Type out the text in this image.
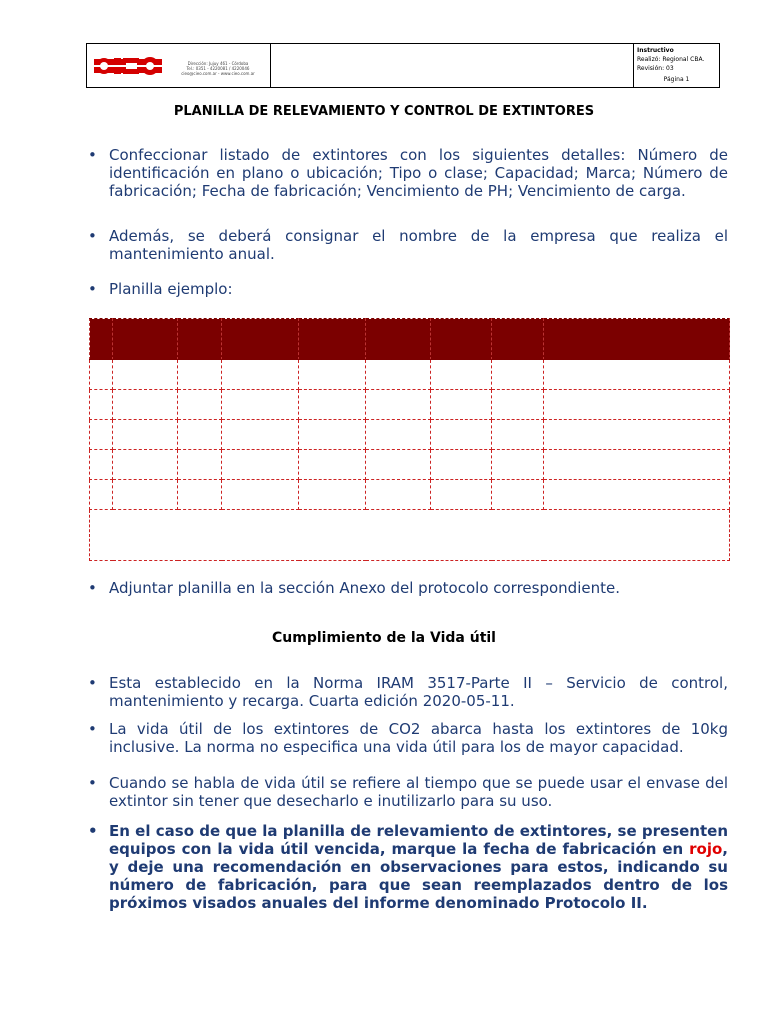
Dirección: Jujuy 461 - Córdoba
Tel.: 0351 - 4220081 / 4220046
cieo@cieo.com.ar - www.cieo.com.ar
Instructivo
Realizó: Regional CBA.
Revisión: 03
Página 1
PLANILLA DE RELEVAMIENTO Y CONTROL DE EXTINTORES
• Confeccionar listado de extintores con los siguientes detalles: Número de identificación en plano o ubicación; Tipo o clase; Capacidad; Marca; Número de fabricación; Fecha de fabricación; Vencimiento de PH; Vencimiento de carga.
• Además, se deberá consignar el nombre de la empresa que realiza el mantenimiento anual.
• Planilla ejemplo:

• Adjuntar planilla en la sección Anexo del protocolo correspondiente.
Cumplimiento de la Vida útil
• Esta establecido en la Norma IRAM 3517-Parte II – Servicio de control, mantenimiento y recarga. Cuarta edición 2020-05-11.
• La vida útil de los extintores de CO2 abarca hasta los extintores de 10kg inclusive. La norma no especifica una vida útil para los de mayor capacidad.
• Cuando se habla de vida útil se refiere al tiempo que se puede usar el envase del extintor sin tener que desecharlo e inutilizarlo para su uso.
• En el caso de que la planilla de relevamiento de extintores, se presenten equipos con la vida útil vencida, marque la fecha de fabricación en rojo, y deje una recomendación en observaciones para estos, indicando su número de fabricación, para que sean reemplazados dentro de los próximos visados anuales del informe denominado Protocolo II.
